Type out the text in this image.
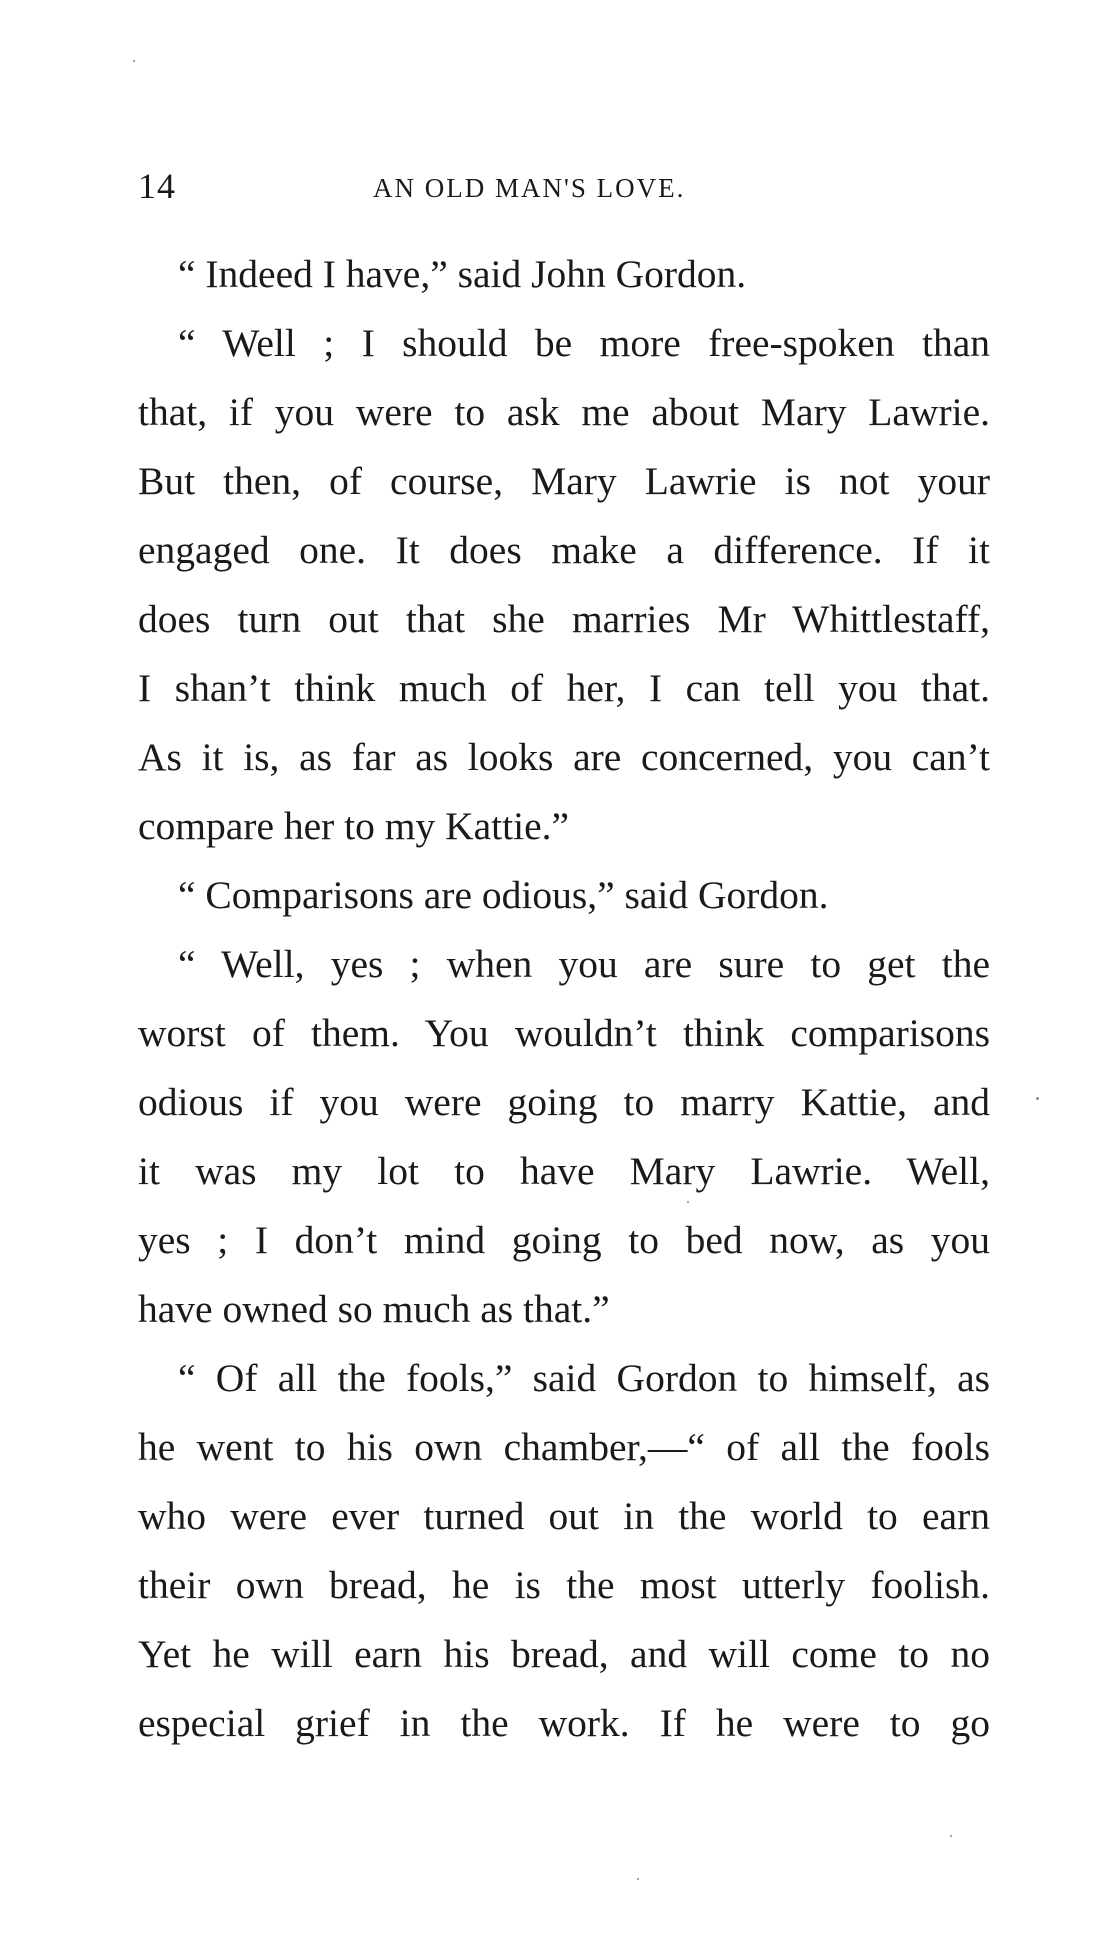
14	AN OLD MAN'S LOVE.
“ Indeed I have,” said John Gordon.
“ Well ; I should be more free-spoken than
that, if you were to ask me about Mary Lawrie.
But then, of course, Mary Lawrie is not your
engaged one. It does make a difference. If it
does turn out that she marries Mr Whittlestaff,
I shan’t think much of her, I can tell you that.
As it is, as far as looks are concerned, you can’t
compare her to my Kattie.”
“ Comparisons are odious,” said Gordon.
“ Well, yes ; when you are sure to get the
worst of them. You wouldn’t think comparisons
odious if you were going to marry Kattie, and
it was my lot to have Mary Lawrie. Well,
yes ; I don’t mind going to bed now, as you
have owned so much as that.”
“ Of all the fools,” said Gordon to himself, as
he went to his own chamber,—“ of all the fools
who were ever turned out in the world to earn
their own bread, he is the most utterly foolish.
Yet he will earn his bread, and will come to no
especial grief in the work. If he were to go
